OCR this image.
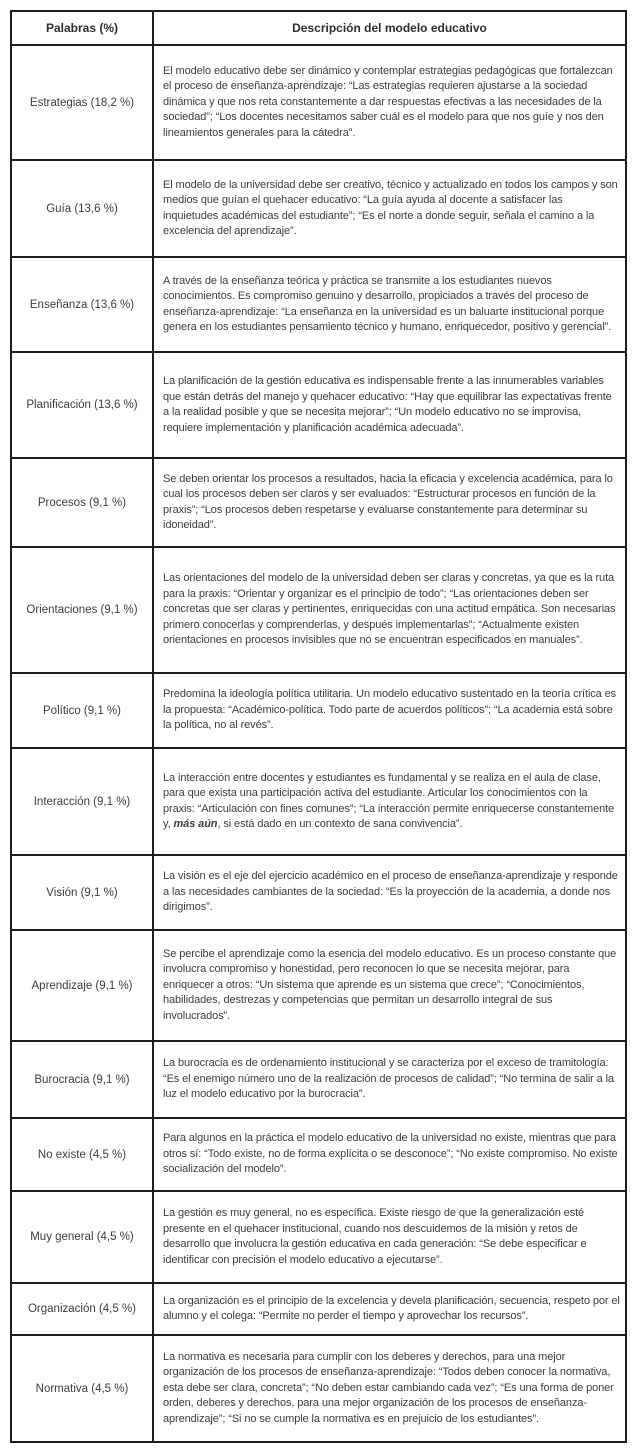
Palabras (%)	Descripción del modelo educativo
Estrategias (18,2 %)	El modelo educativo debe ser dinámico y contemplar estrategias pedagógicas que fortalezcan el proceso de enseñanza-aprendizaje: “Las estrategias requieren ajustarse a la sociedad dinámica y que nos reta constantemente a dar respuestas efectivas a las necesidades de la sociedad”; “Los docentes necesitamos saber cuál es el modelo para que nos guíe y nos den lineamientos generales para la cátedra”.
Guía (13,6 %)	El modelo de la universidad debe ser creativo, técnico y actualizado en todos los campos y son medios que guían el quehacer educativo: “La guía ayuda al docente a satisfacer las inquietudes académicas del estudiante”; “Es el norte a donde seguir, señala el camino a la excelencia del aprendizaje”.
Enseñanza (13,6 %)	A través de la enseñanza teórica y práctica se transmite a los estudiantes nuevos conocimientos. Es compromiso genuino y desarrollo, propiciados a través del proceso de enseñanza-aprendizaje: “La enseñanza en la universidad es un baluarte institucional porque genera en los estudiantes pensamiento técnico y humano, enriquecedor, positivo y gerencial”.
Planificación (13,6 %)	La planificación de la gestión educativa es indispensable frente a las innumerables variables que están detrás del manejo y quehacer educativo: “Hay que equilibrar las expectativas frente a la realidad posible y que se necesita mejorar”; “Un modelo educativo no se improvisa, requiere implementación y planificación académica adecuada”.
Procesos (9,1 %)	Se deben orientar los procesos a resultados, hacia la eficacia y excelencia académica, para lo cual los procesos deben ser claros y ser evaluados: “Estructurar procesos en función de la praxis”; “Los procesos deben respetarse y evaluarse constantemente para determinar su idoneidad”.
Orientaciones (9,1 %)	Las orientaciones del modelo de la universidad deben ser claras y concretas, ya que es la ruta para la praxis: “Orientar y organizar es el principio de todo”; “Las orientaciones deben ser concretas que ser claras y pertinentes, enriquecidas con una actitud empática. Son necesarias primero conocerlas y comprenderlas, y después implementarlas”; “Actualmente existen orientaciones en procesos invisibles que no se encuentran especificados en manuales”.
Político (9,1 %)	Predomina la ideología política utilitaria. Un modelo educativo sustentado en la teoría crítica es la propuesta: “Académico-política. Todo parte de acuerdos políticos”; “La academia está sobre la política, no al revés”.
Interacción (9,1 %)	La interacción entre docentes y estudiantes es fundamental y se realiza en el aula de clase, para que exista una participación activa del estudiante. Articular los conocimientos con la praxis: “Articulación con fines comunes”; “La interacción permite enriquecerse constantemente y, más aún, si está dado en un contexto de sana convivencia”.
Visión (9,1 %)	La visión es el eje del ejercicio académico en el proceso de enseñanza-aprendizaje y responde a las necesidades cambiantes de la sociedad: “Es la proyección de la academia, a donde nos dirigimos”.
Aprendizaje (9,1 %)	Se percibe el aprendizaje como la esencia del modelo educativo. Es un proceso constante que involucra compromiso y honestidad, pero reconocen lo que se necesita mejorar, para enriquecer a otros: “Un sistema que aprende es un sistema que crece”; “Conocimientos, habilidades, destrezas y competencias que permitan un desarrollo integral de sus involucrados”.
Burocracia (9,1 %)	La burocracia es de ordenamiento institucional y se caracteriza por el exceso de tramitología: “Es el enemigo número uno de la realización de procesos de calidad”; “No termina de salir a la luz el modelo educativo por la burocracia”.
No existe (4,5 %)	Para algunos en la práctica el modelo educativo de la universidad no existe, mientras que para otros sí: “Todo existe, no de forma explícita o se desconoce”; “No existe compromiso. No existe socialización del modelo”.
Muy general (4,5 %)	La gestión es muy general, no es específica. Existe riesgo de que la generalización esté presente en el quehacer institucional, cuando nos descuidemos de la misión y retos de desarrollo que involucra la gestión educativa en cada generación: “Se debe especificar e identificar con precisión el modelo educativo a ejecutarse”.
Organización (4,5 %)	La organización es el principio de la excelencia y devela planificación, secuencia, respeto por el alumno y el colega: “Permite no perder el tiempo y aprovechar los recursos”.
Normativa (4,5 %)	La normativa es necesaria para cumplir con los deberes y derechos, para una mejor organización de los procesos de enseñanza-aprendizaje: “Todos deben conocer la normativa, esta debe ser clara, concreta”; “No deben estar cambiando cada vez”; “Es una forma de poner orden, deberes y derechos, para una mejor organización de los procesos de enseñanza-aprendizaje”; “Si no se cumple la normativa es en prejuicio de los estudiantes”.
